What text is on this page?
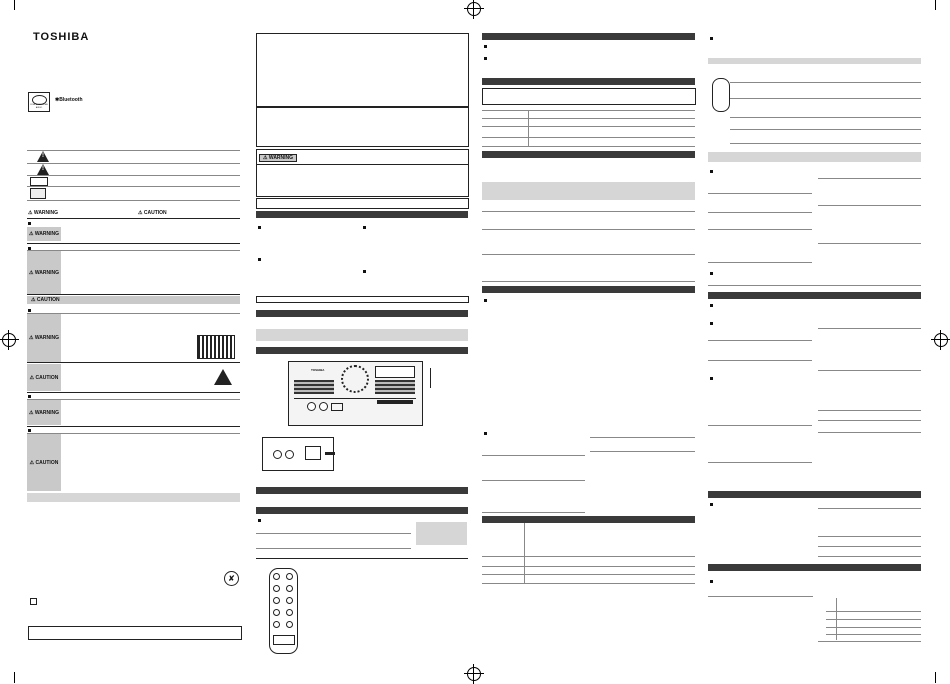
TOSHIBA
COMPACT DIGITAL AUDIO
✱Bluetooth
!
!
⚠ WARNING	⚠ CAUTION
⚠ WARNING
⚠ WARNING
⚠ CAUTION
⚠ WARNING
⚠ CAUTION
⚠ WARNING
⚠ CAUTION
✘
⚠ WARNING
TOSHIBA
